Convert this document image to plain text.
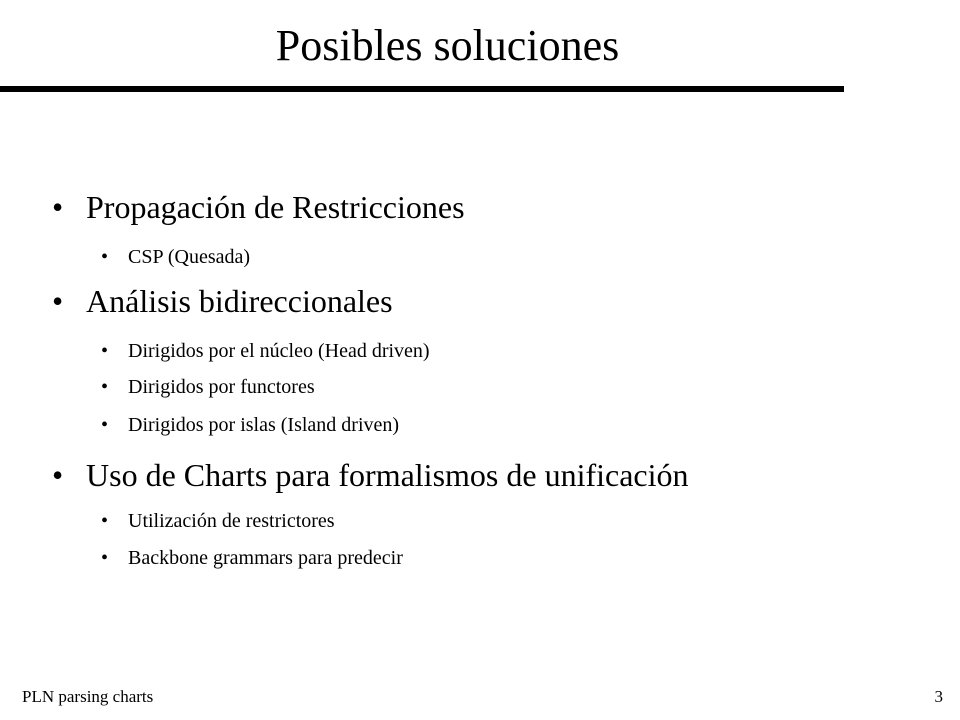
Posibles soluciones
• Propagación de Restricciones
• CSP (Quesada)
• Análisis bidireccionales
• Dirigidos por el núcleo (Head driven)
• Dirigidos por functores
• Dirigidos por islas (Island driven)
• Uso de Charts para formalismos de unificación
• Utilización de restrictores
• Backbone grammars para predecir
PLN parsing charts	3
